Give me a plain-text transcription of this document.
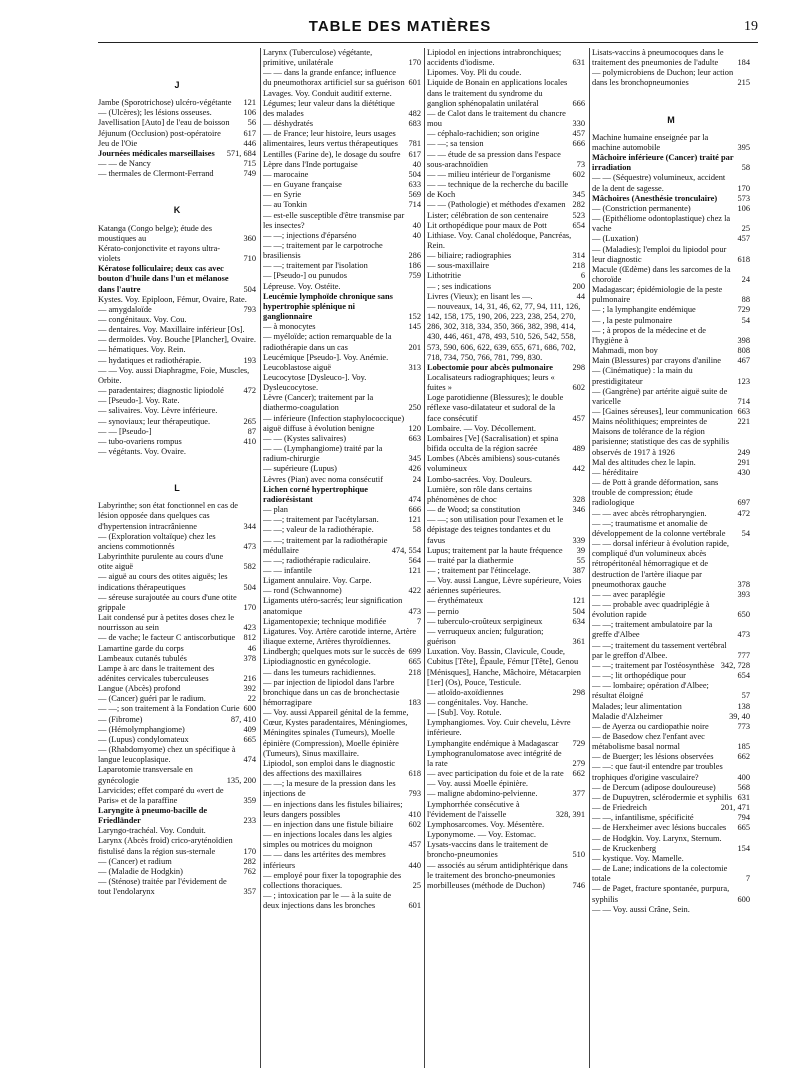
TABLE DES MATIÈRES	19
J
Jambe (Sporotrichose) ulcéro-végétante	121
— (Ulcères); les lésions osseuses.	106
Javellisation [Auto] de l'eau de boisson	56
Jéjunum (Occlusion) post-opératoire	617
Jeu de l'Oie	446
Journées médicales marseillaises	571, 684
— — de Nancy	715
— thermales de Clermont-Ferrand	749
K
Katanga (Congo belge); étude des moustiques au	360
Kérato-conjonctivite et rayons ultra-violets	710
Kératose folliculaire; deux cas avec bouton d'huile dans l'un et mélanose dans l'autre	504
Kystes. Voy. Epiploon, Fémur, Ovaire, Rate.
— amygdaloïde	793
— congénitaux. Voy. Cou.
— dentaires. Voy. Maxillaire inférieur [Os].
— dermoïdes. Voy. Bouche [Plancher], Ovaire.
— hématiques. Voy. Rein.
— hydatiques et radiothérapie.	193
— — Voy. aussi Diaphragme, Foie, Muscles, Orbite.
— paradentaires; diagnostic lipiodolé	472
— [Pseudo-]. Voy. Rate.
— salivaires. Voy. Lèvre inférieure.
— synoviaux; leur thérapeutique.	265
— — [Pseudo-]	87
— tubo-ovariens rompus	410
— végétants. Voy. Ovaire.
L
Labyrinthe; son état fonctionnel en cas de lésion opposée dans quelques cas d'hypertension intracrânienne	344
— (Exploration voltaïque) chez les anciens commotionnés	473
Labyrinthite purulente au cours d'une otite aiguë	582
— aiguë au cours des otites aiguës; les indications thérapeutiques	504
— séreuse surajoutée au cours d'une otite grippale	170
Lait condensé pur à petites doses chez le nourrisson au sein	423
— de vache; le facteur C antiscorbutique 812
Lamartine garde du corps	46
Lambeaux cutanés tubulés	378
Lampe à arc dans le traitement des adénites cervicales tuberculeuses	216
Langue (Abcès) profond	392
— (Cancer) guéri par le radium.	22
— —; son traitement à la Fondation Curie 600
— (Fibrome)	87, 410
— (Hémolymphangiome)	409
— (Lupus) condylomateux	665
— (Rhabdomyome) chez un spécifique à langue leucoplasique.	474
Laparotomie transversale en gynécologie	135, 200
Larvicides; effet comparé du «vert de Paris» et de la paraffine	359
Laryngite à pneumo-bacille de Friedländer	233
Laryngo-trachéal. Voy. Conduit.
Larynx (Abcès froid) crico-aryténoïdien fistulisé dans la région sus-sternale	170
— (Cancer) et radium	282
— (Maladie de Hodgkin)	762
— (Sténose) traitée par l'évidement de tout l'endolarynx	357
Larynx (Tuberculose) végétante, primitive, unilatérale	170
— — dans la grande enfance; influence du pneumothorax artificiel sur sa guérison 601
Lavages. Voy. Conduit auditif externe.
Légumes; leur valeur dans la diététique des malades	482
— déshydratés	683
— de France; leur histoire, leurs usages alimentaires, leurs vertus thérapeutiques	781
Lentilles (Farine de), le dosage du soufre 617
Lèpre dans l'Inde portugaise	40
— marocaine	504
— en Guyane française	633
— en Syrie	569
— au Tonkin	714
— est-elle susceptible d'être transmise par les insectes?	40
— —; injections d'éparséno	40
— —; traitement par le carpotroche brasiliensis	286
— —; traitement par l'isolation	186
— [Pseudo-] ou punudos	759
Lépreuse. Voy. Ostéite.
Leucémie lymphoïde chronique sans hypertrophie splénique ni ganglionnaire	152
— à monocytes	145
— myéloïde; action remarquable de la radiothérapie dans un cas	201
Leucémique [Pseudo-]. Voy. Anémie.
Leucoblastose aiguë	313
Leucocytose [Dysleuco-]. Voy. Dysleucocytose.
Lèvre (Cancer); traitement par la diathermo-coagulation	250
— inférieure (Infection staphylococcique) aiguë diffuse à évolution benigne	120
— — (Kystes salivaires)	663
— — (Lymphangiome) traité par la radium-chirurgie	345
— supérieure (Lupus)	426
Lèvres (Pian) avec noma consécutif	24
Lichen corné hypertrophique radiorésistant	474
— plan	666
— —; traitement par l'acétylarsan.	121
— —; valeur de la radiothérapie.	58
— —; traitement par la radiothérapie médullaire	474, 554
— —; radiothérapie radiculaire.	564
— — infantile	121
Ligament annulaire. Voy. Carpe.
— rond (Schwannome)	422
Ligaments utéro-sacrés; leur signification anatomique	473
Ligamentopexie; technique modifiée	7
Ligatures. Voy. Artère carotide interne, Artère iliaque externe, Artères thyroïdiennes.
Lindbergh; quelques mots sur le succès de 699
Lipiodiagnostic en gynécologie.	665
— dans les tumeurs rachidiennes.	218
— par injection de lipiodol dans l'arbre bronchique dans un cas de bronchectasie hémorragipare	183
— Voy. aussi Appareil génital de la femme, Cœur, Kystes paradentaires, Méningiomes, Méningites spinales (Tumeurs), Moelle épinière (Compression), Moelle épinière (Tumeurs), Sinus maxillaire.
Lipiodol, son emploi dans le diagnostic des affections des maxillaires	618
— —; la mesure de la pression dans les injections de	793
— en injections dans les fistules biliaires; leurs dangers possibles	410
— en injection dans une fistule biliaire	602
— en injections locales dans les algies simples ou motrices du moignon	457
— — dans les artérites des membres inférieurs	440
— employé pour fixer la topographie des collections thoraciques.	25
— ; intoxication par le — à la suite de deux injections dans les bronches	601
Lipiodol en injections intrabronchiques; accidents d'iodisme.	631
Lipomes. Voy. Pli du coude.
Liquide de Bonain en applications locales dans le traitement du syndrome du ganglion sphénopalatin unilatéral	666
— de Calot dans le traitement du chancre mou	330
— céphalo-rachidien; son origine	457
— —; sa tension	666
— — étude de sa pression dans l'espace sous-arachnoïdien	73
— — milieu intérieur de l'organisme	602
— — technique de la recherche du bacille de Koch	345
— — (Pathologie) et méthodes d'examen 282
Lister; célébration de son centenaire	523
Lit orthopédique pour maux de Pott	654
Lithiase. Voy. Canal cholédoque, Pancréas, Rein.
— biliaire; radiographies	314
— sous-maxillaire	218
Lithotritie	6
— ; ses indications	200
Livres (Vieux); en lisant les —.	44
— nouveaux, 14, 31, 46, 62, 77, 94, 111, 126, 142, 158, 175, 190, 206, 223, 238, 254, 270, 286, 302, 318, 334, 350, 366, 382, 398, 414, 430, 446, 461, 478, 493, 510, 526, 542, 558, 573, 590, 606, 622, 639, 655, 671, 686, 702, 718, 734, 750, 766, 781, 799, 830.
Lobectomie pour abcès pulmonaire	298
Localisateurs radiographiques; leurs « fuites »	602
Loge parotidienne (Blessures); le double réflexe vaso-dilatateur et sudoral de la face consécutif	457
Lombaire. — Voy. Décollement.
Lombaires [Ve] (Sacralisation) et spina bifida occulta de la région sacrée	489
Lombes (Abcès amibiens) sous-cutanés volumineux	442
Lombo-sacrées. Voy. Douleurs.
Lumière, son rôle dans certains phénomènes de choc	328
— de Wood; sa constitution	346
— —; son utilisation pour l'examen et le dépistage des teignes tondantes et du favus	339
Lupus; traitement par la haute fréquence	39
— traité par la diathermie	55
— ; traitement par l'étincelage.	387
— Voy. aussi Langue, Lèvre supérieure, Voies aériennes supérieures.
— érythémateux	121
— pernio	504
— tuberculo-croûteux serpigineux	634
— verruqueux ancien; fulguration; guérison	361
Luxation. Voy. Bassin, Clavicule, Coude, Cubitus [Tête], Épaule, Fémur [Tête], Genou [Ménisques], Hanche, Mâchoire, Métacarpien [1er] (Os), Pouce, Testicule.
— atloïdo-axoïdiennes	298
— congénitales. Voy. Hanche.
— [Sub]. Voy. Rotule.
Lymphangiomes. Voy. Cuir chevelu, Lèvre inférieure.
Lymphangite endémique à Madagascar	729
Lymphogranulomatose avec intégrité de la rate	279
— avec participation du foie et de la rate	662
— Voy. aussi Moelle épinière.
— maligne abdomino-pelvienne.	377
Lymphorrhée consécutive à l'évidement de l'aisselle	328, 391
Lymphosarcomes. Voy. Mésentère.
Lyponymome. — Voy. Estomac.
Lysats-vaccins dans le traitement de broncho-pneumonies	510
— associés au sérum antidiphtérique dans le traitement des broncho-pneumonies morbilleuses (méthode de Duchon)	746
Lisats-vaccins à pneumocoques dans le traitement des pneumonies de l'adulte	184
— polymicrobiens de Duchon; leur action dans les bronchopneumonies	215
M
Machine humaine enseignée par la machine automobile	395
Mâchoire inférieure (Cancer) traité par irradiation	58
— — (Séquestre) volumineux, accident de la dent de sagesse.	170
Mâchoires (Anesthésie tronculaire)	573
— (Constriction permanente)	106
— (Epithéliome odontoplastique) chez la vache	25
— (Luxation)	457
— (Maladies); l'emploi du lipiodol pour leur diagnostic	618
Macule (Œdème) dans les sarcomes de la choroïde	24
Madagascar; épidémiologie de la peste pulmonaire	88
— ; la lymphangite endémique	729
— , la peste pulmonaire	54
— ; à propos de la médecine et de l'hygiène à	398
Mahmadi, mon boy	808
Main (Blessures) par crayons d'aniline	467
— (Cinématique) : la main du prestidigitateur	123
— (Gangrène) par artérite aiguë suite de varicelle	714
— [Gaines séreuses], leur communication 663
Mains néolithiques; empreintes de	221
Maisons de tolérance de la région parisienne; statistique des cas de syphilis observés de 1917 à 1926	249
Mal des altitudes chez le lapin.	291
— héréditaire	430
— de Pott à grande déformation, sans trouble de compression; étude radiologique	697
— — avec abcès rétropharyngien.	472
— —; traumatisme et anomalie de développement de la colonne vertébrale	54
— — dorsal inférieur à évolution rapide, compliqué d'un volumineux abcès rétropéritonéal hémorragique et de destruction de l'artère iliaque par pneumothorax gauche	378
— — avec paraplégie	393
— — probable avec quadriplégie à évolution rapide	650
— —; traitement ambulatoire par la greffe d'Albee	473
— —; traitement du tassement vertébral par le greffon d'Albee.	777
— —; traitement par l'ostéosynthèse 342, 728
— —; lit orthopédique pour	654
— — lombaire; opération d'Albee; résultat éloigné	57
Malades; leur alimentation	138
Maladie d'Alzheimer	39, 40
— de Ayerza ou cardiopathie noire	773
— de Basedow chez l'enfant avec métabolisme basal normal	185
— de Buerger; les lésions observées	662
— —: que faut-il entendre par troubles trophiques d'origine vasculaire?	400
— de Dercum (adipose douloureuse)	568
— de Dupuytren, sclérodermie et syphilis 631
— de Friedreich	201, 471
— —, infantilisme, spécificité	794
— de Herxheimer avec lésions buccales	665
— de Hodgkin. Voy. Larynx, Sternum.
— de Kruckenberg	154
— kystique. Voy. Mamelle.
— de Lane; indications de la colectomie totale	7
— de Paget, fracture spontanée, purpura, syphilis	600
— — Voy. aussi Crâne, Sein.
